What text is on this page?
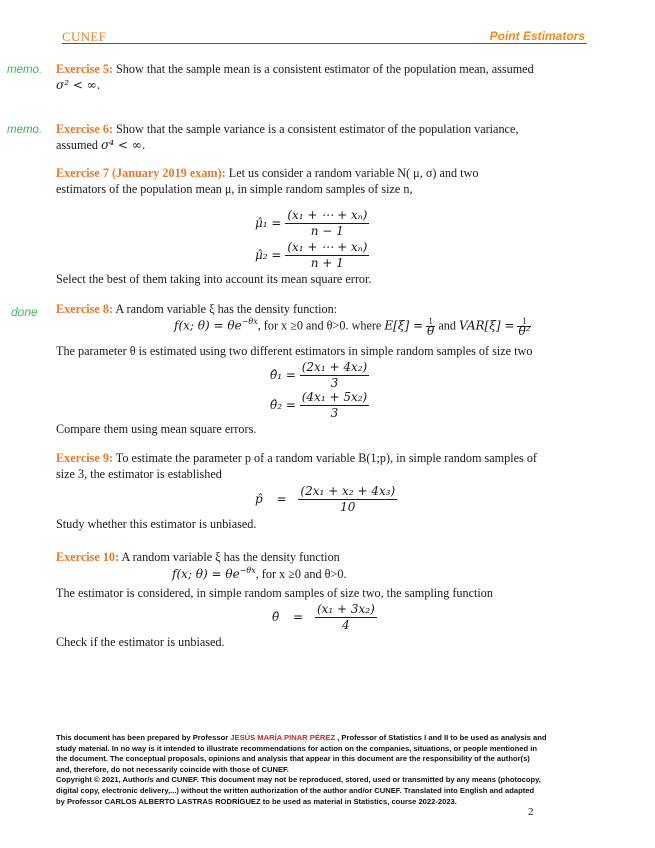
CUNEF	Point Estimators
memo. Exercise 5: Show that the sample mean is a consistent estimator of the population mean, assumed
σ² < ∞.
memo. Exercise 6: Show that the sample variance is a consistent estimator of the population variance,
assumed σ⁴ < ∞.
Exercise 7 (January 2019 exam): Let us consider a random variable N( μ, σ) and two
estimators of the population mean μ, in simple random samples of size n,
μ̂₁ = $\frac{\text{(x₁ + ⋯ + xₙ)}}{n - 1}$
μ̂₂ = $\frac{\text{(x₁ + ⋯ + xₙ)}}{n + 1}$
Select the best of them taking into account its mean square error.
done Exercise 8: A random variable ξ has the density function:
f(x; $\theta) = \theta e^{-\theta x}$, for x ≥0 and θ>0. where $E[\xi] = \frac{1}{\theta}$ and $VAR[\xi] = \frac{1}{\text{θ²}}$
The parameter θ is estimated using two different estimators in simple random samples of size two
θ̂₁ = $\frac{\text{(2x₁ + 4x₂)}}{3}$
θ̂₂ = $\frac{\text{(4x₁ + 5x₂)}}{3}$
Compare them using mean square errors.
Exercise 9: To estimate the parameter p of a random variable B(1;p), in simple random samples of
size 3, the estimator is established
p̂ = $\frac{\text{(2x₁ + x₂ + 4x₃)}}{10}$
Study whether this estimator is unbiased.
Exercise 10: A random variable ξ has the density function
f(x; $\theta) = \theta e^{-\theta x}$, for x ≥0 and θ>0.
The estimator is considered, in simple random samples of size two, the sampling function
θ̂ = $\frac{\text{(x₁ + 3x₂)}}{4}$
Check if the estimator is unbiased.
This document has been prepared by Professor JESÚS MARÍA PINAR PÉREZ , Professor of Statistics I and II to be used as analysis and
study material. In no way is it intended to illustrate recommendations for action on the companies, situations, or people mentioned in
the document. The conceptual proposals, opinions and analysis that appear in this document are the responsibility of the author(s)
and, therefore, do not necessarily coincide with those of CUNEF.
Copyright © 2021, Author/s and CUNEF. This document may not be reproduced, stored, used or transmitted by any means (photocopy,
digital copy, electronic delivery,...) without the written authorization of the author and/or CUNEF. Translated into English and adapted
by Professor CARLOS ALBERTO LASTRAS RODRÍGUEZ to be used as material in Statistics, course 2022-2023.
2
